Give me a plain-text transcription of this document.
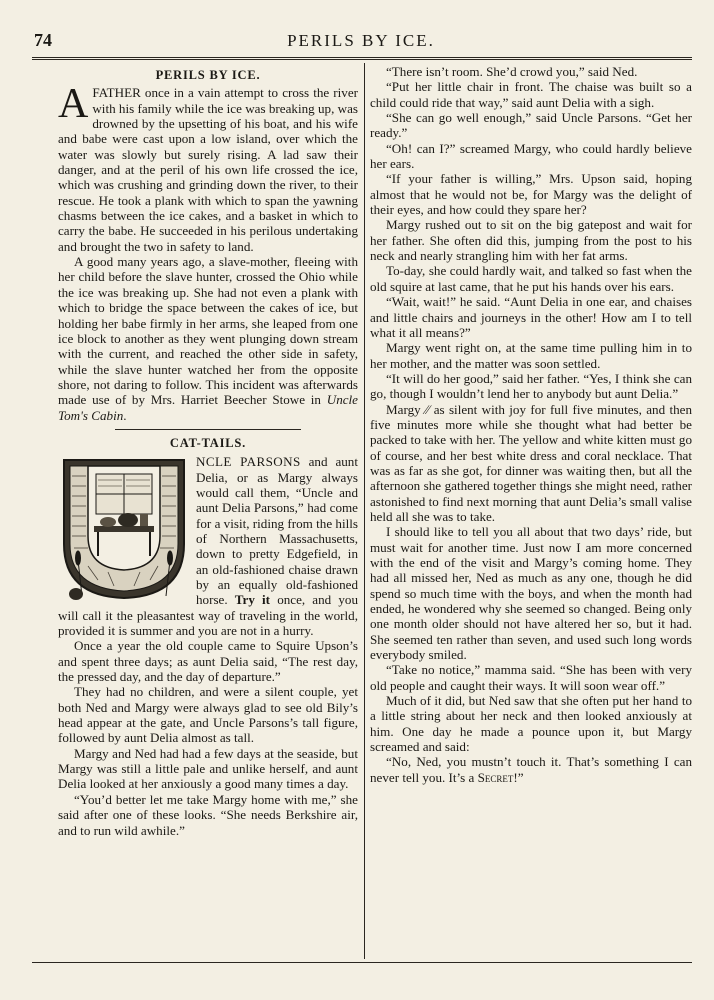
74	PERILS BY ICE.
PERILS BY ICE.

AFATHER once in a vain attempt to cross the river with his family while the ice was breaking up, was drowned by the upsetting of his boat, and his wife and babe were cast upon a low island, over which the water was slowly but surely rising. A lad saw their danger, and at the peril of his own life crossed the ice, which was crushing and grinding down the river, to their rescue. He took a plank with which to span the yawning chasms between the ice cakes, and a basket in which to carry the babe. He succeeded in his perilous undertaking and brought the two in safety to land.

A good many years ago, a slave-mother, fleeing with her child before the slave hunter, crossed the Ohio while the ice was breaking up. She had not even a plank with which to bridge the space between the cakes of ice, but holding her babe firmly in her arms, she leaped from one ice block to another as they went plunging down stream with the current, and reached the other side in safety, while the slave hunter watched her from the opposite shore, not daring to follow. This incident was afterwards made use of by Mrs. Harriet Beecher Stowe in Uncle Tom's Cabin.

CAT-TAILS.

NCLE PARSONS and aunt Delia, or as Margy always would call them, “Uncle and aunt Delia Parsons,” had come for a visit, riding from the hills of Northern Massachusetts, down to pretty Edgefield, in an old-fashioned chaise drawn by an equally old-fashioned horse. Try it once, and you will call it the pleasantest way of traveling in the world, provided it is summer and you are not in a hurry.

Once a year the old couple came to Squire Upson’s and spent three days; as aunt Delia said, “The rest day, the pressed day, and the day of departure.”

They had no children, and were a silent couple, yet both Ned and Margy were always glad to see old Bily’s head appear at the gate, and Uncle Parsons’s tall figure, followed by aunt Delia almost as tall.

Margy and Ned had had a few days at the seaside, but Margy was still a little pale and unlike herself, and aunt Delia looked at her anxiously a good many times a day.

“You’d better let me take Margy home with me,” she said after one of these looks. “She needs Berkshire air, and to run wild awhile.”

“There isn’t room. She’d crowd you,” said Ned.

“Put her little chair in front. The chaise was built so a child could ride that way,” said aunt Delia with a sigh.

“She can go well enough,” said Uncle Parsons. “Get her ready.”

“Oh! can I?” screamed Margy, who could hardly believe her ears.

“If your father is willing,” Mrs. Upson said, hoping almost that he would not be, for Margy was the delight of their eyes, and how could they spare her?

Margy rushed out to sit on the big gatepost and wait for her father. She often did this, jumping from the post to his neck and nearly strangling him with her fat arms.

To-day, she could hardly wait, and talked so fast when the old squire at last came, that he put his hands over his ears.

“Wait, wait!” he said. “Aunt Delia in one ear, and chaises and little chairs and journeys in the other! How am I to tell what it all means?”

Margy went right on, at the same time pulling him in to her mother, and the matter was soon settled.

“It will do her good,” said her father. “Yes, I think she can go, though I wouldn’t lend her to anybody but aunt Delia.”

Margy ∕∕ as silent with joy for full five minutes, and then five minutes more while she thought what had better be packed to take with her. The yellow and white kitten must go of course, and her best white dress and coral necklace. That was as far as she got, for dinner was waiting then, but all the afternoon she gathered together things she might need, rather astonished to find next morning that aunt Delia’s small valise held all she was to take.

I should like to tell you all about that two days’ ride, but must wait for another time. Just now I am more concerned with the end of the visit and Margy’s coming home. They had all missed her, Ned as much as any one, though he did spend so much time with the boys, and when the month had ended, he wondered why she seemed so changed. Being only one month older should not have altered her so, but it had. She seemed ten rather than seven, and used such long words everybody smiled.

“Take no notice,” mamma said. “She has been with very old people and caught their ways. It will soon wear off.”

Much of it did, but Ned saw that she often put her hand to a little string about her neck and then looked anxiously at him. One day he made a pounce upon it, but Margy screamed and said:

“No, Ned, you mustn’t touch it. That’s something I can never tell you. It’s a Secret!”
